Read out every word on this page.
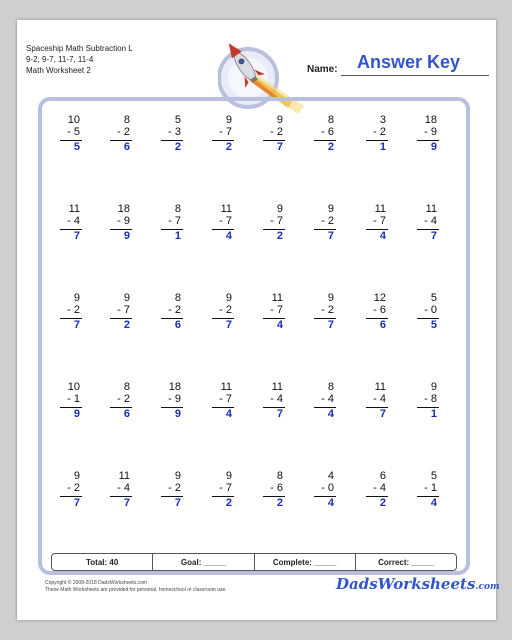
Spaceship Math Subtraction L
9-2, 9-7, 11-7, 11-4
Math Worksheet 2	Name: Answer Key
10
- 5
5
8
- 2
6
5
- 3
2
9
- 7
2
9
- 2
7
8
- 6
2
3
- 2
1
18
- 9
9
11
- 4
7
18
- 9
9
8
- 7
1
11
- 7
4
9
- 7
2
9
- 2
7
11
- 7
4
11
- 4
7
9
- 2
7
9
- 7
2
8
- 2
6
9
- 2
7
11
- 7
4
9
- 2
7
12
- 6
6
5
- 0
5
10
- 1
9
8
- 2
6
18
- 9
9
11
- 7
4
11
- 4
7
8
- 4
4
11
- 4
7
9
- 8
1
9
- 2
7
11
- 4
7
9
- 2
7
9
- 7
2
8
- 6
2
4
- 0
4
6
- 4
2
5
- 1
4
Total: 40	Goal: _____	Complete: _____	Correct: _____
Copyright © 2008-2018 DadsWorksheets.com
These Math Worksheets are provided for personal, homeschool or classroom use.	DadsWorksheets.com
